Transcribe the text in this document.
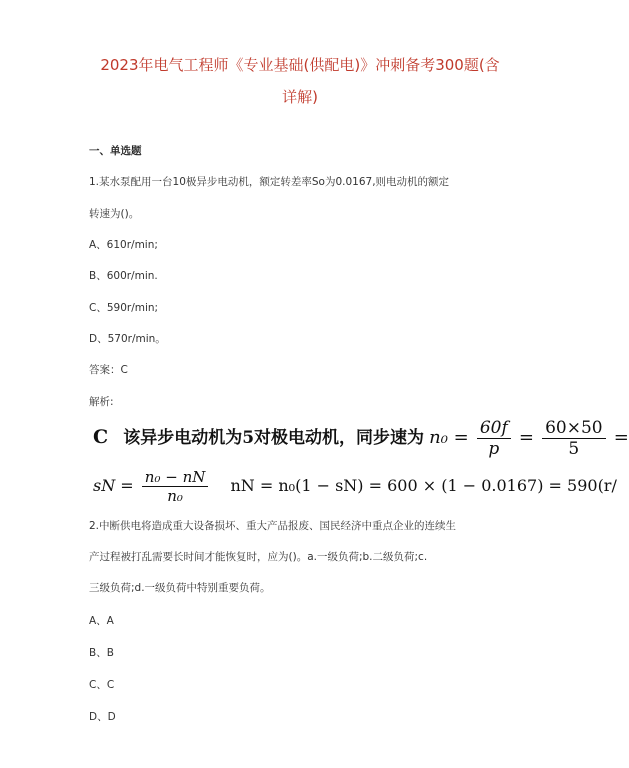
2023年电气工程师《专业基础(供配电)》冲刺备考300题(含
详解)
一、单选题
1.某水泵配用一台10极异步电动机，额定转差率So为0.0167,则电动机的额定
转速为()。
A、610r/min;
B、600r/min.
C、590r/min;
D、570r/min。
答案：C
解析:
C 该异步电动机为5对极电动机，同步速为 $n_0 = \frac{60f}{p} = \frac{60\times 50}{5}$ =
sN = $\frac{\text{n₀ − nN}}{\text{n₀}}$ nN = n₀(1 − sN) = 600 × (1 − 0.0167) = 590(r/
2.中断供电将造成重大设备损坏、重大产品报废、国民经济中重点企业的连续生
产过程被打乱需要长时间才能恢复时，应为()。a.一级负荷;b.二级负荷;c.
三级负荷;d.一级负荷中特别重要负荷。
A、A
B、B
C、C
D、D
